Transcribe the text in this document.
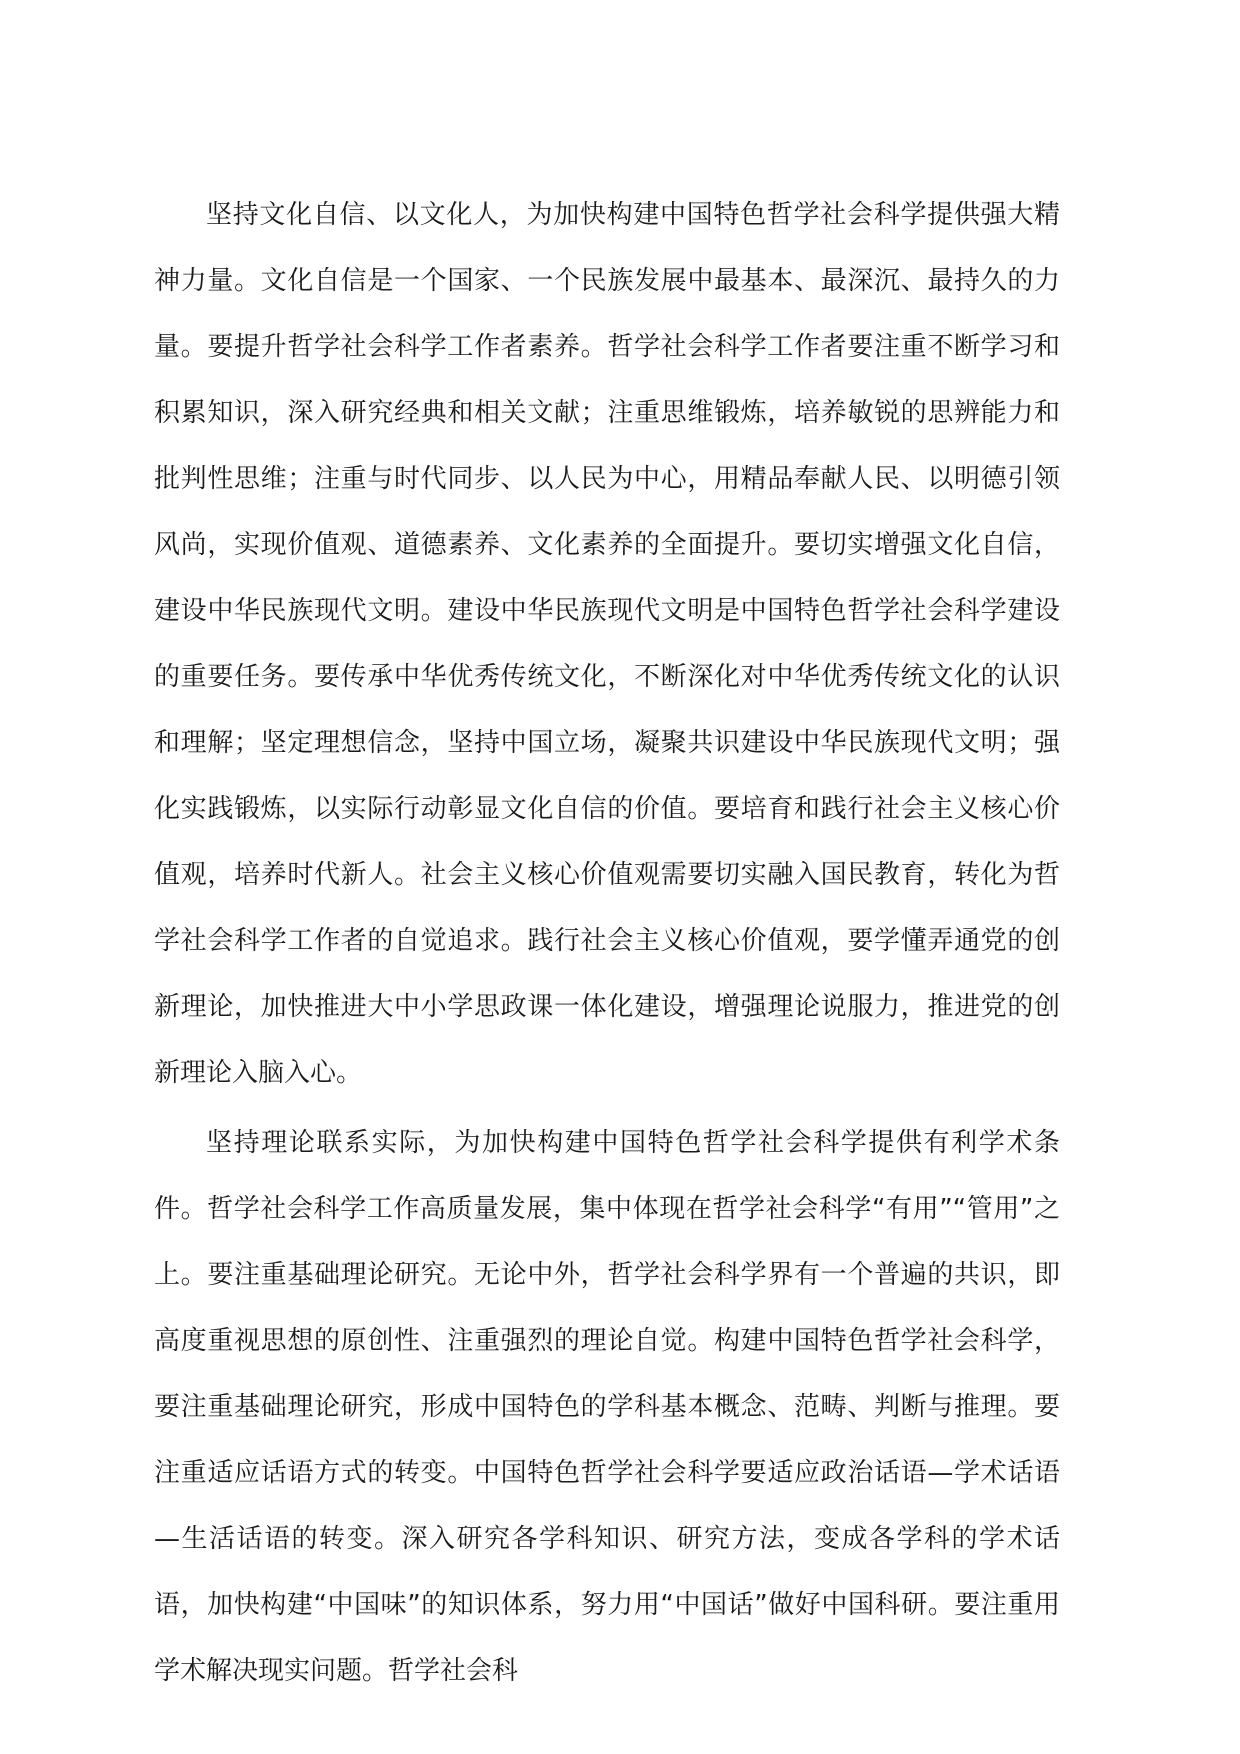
坚持文化自信、以文化人，为加快构建中国特色哲学社会科学提供强大精神力量。文化自信是一个国家、一个民族发展中最基本、最深沉、最持久的力量。要提升哲学社会科学工作者素养。哲学社会科学工作者要注重不断学习和积累知识，深入研究经典和相关文献；注重思维锻炼，培养敏锐的思辨能力和批判性思维；注重与时代同步、以人民为中心，用精品奉献人民、以明德引领风尚，实现价值观、道德素养、文化素养的全面提升。要切实增强文化自信，建设中华民族现代文明。建设中华民族现代文明是中国特色哲学社会科学建设的重要任务。要传承中华优秀传统文化，不断深化对中华优秀传统文化的认识和理解；坚定理想信念，坚持中国立场，凝聚共识建设中华民族现代文明；强化实践锻炼，以实际行动彰显文化自信的价值。要培育和践行社会主义核心价值观，培养时代新人。社会主义核心价值观需要切实融入国民教育，转化为哲学社会科学工作者的自觉追求。践行社会主义核心价值观，要学懂弄通党的创新理论，加快推进大中小学思政课一体化建设，增强理论说服力，推进党的创新理论入脑入心。

坚持理论联系实际，为加快构建中国特色哲学社会科学提供有利学术条件。哲学社会科学工作高质量发展，集中体现在哲学社会科学“有用”“管用”之上。要注重基础理论研究。无论中外，哲学社会科学界有一个普遍的共识，即高度重视思想的原创性、注重强烈的理论自觉。构建中国特色哲学社会科学，要注重基础理论研究，形成中国特色的学科基本概念、范畴、判断与推理。要注重适应话语方式的转变。中国特色哲学社会科学要适应政治话语—学术话语—生活话语的转变。深入研究各学科知识、研究方法，变成各学科的学术话语，加快构建“中国味”的知识体系，努力用“中国话”做好中国科研。要注重用学术解决现实问题。哲学社会科
